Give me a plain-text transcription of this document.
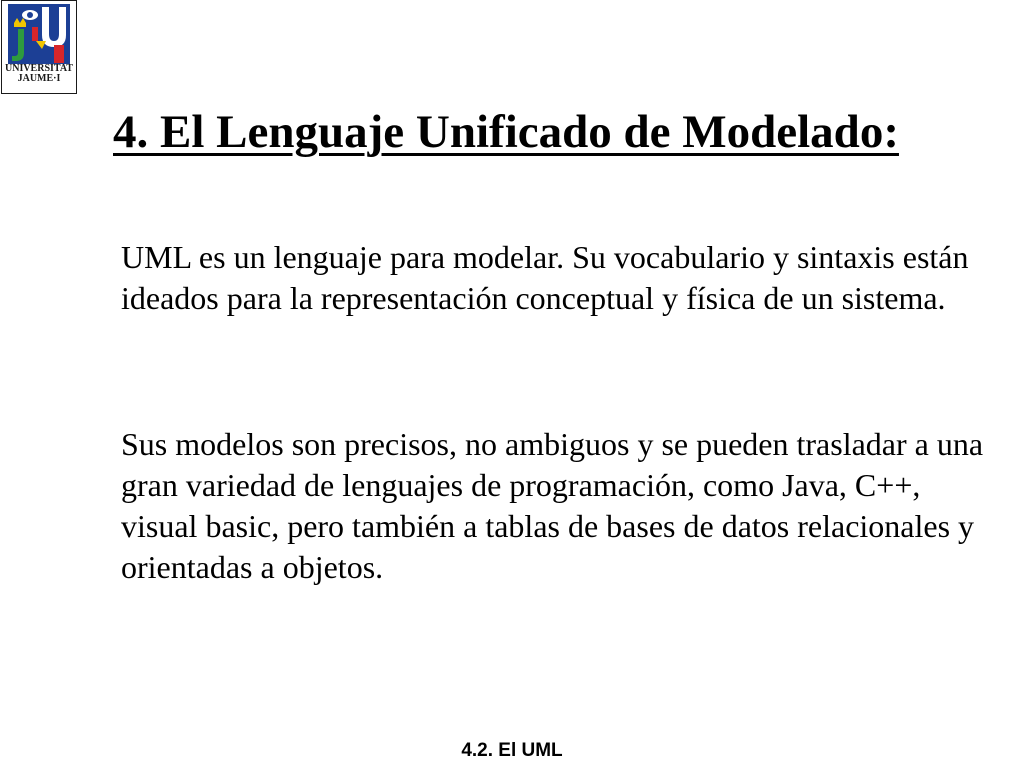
UNIVERSITAT
JAUME·I
4. El Lenguaje Unificado de Modelado:

UML es un lenguaje para modelar. Su vocabulario y sintaxis están ideados para la representación conceptual y física de un sistema.

Sus modelos son precisos, no ambiguos y se pueden trasladar a una gran variedad de lenguajes de programación, como Java, C++, visual basic, pero también a tablas de bases de datos relacionales y orientadas a objetos.

4.2. El UML
